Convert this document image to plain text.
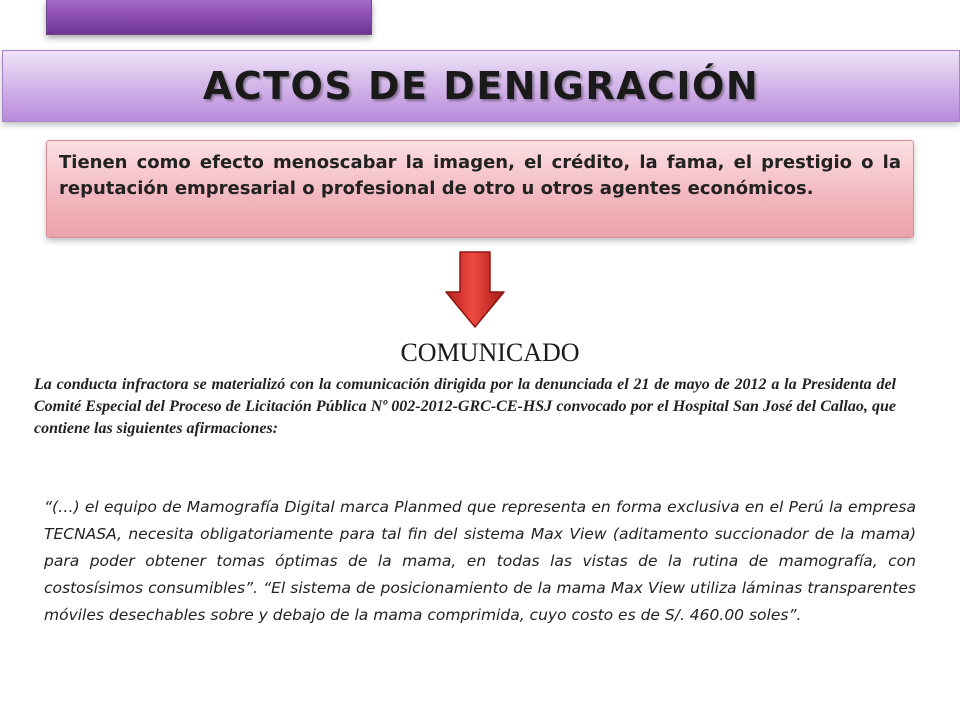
ACTOS DE DENIGRACIÓN

Tienen como efecto menoscabar la imagen, el crédito, la fama, el prestigio o la reputación empresarial o profesional de otro u otros agentes económicos.

COMUNICADO

La conducta infractora se materializó con la comunicación dirigida por la denunciada el 21 de mayo de 2012 a la Presidenta del Comité Especial del Proceso de Licitación Pública Nº 002-2012-GRC-CE-HSJ convocado por el Hospital San José del Callao, que contiene las siguientes afirmaciones:

“(…) el equipo de Mamografía Digital marca Planmed que representa en forma exclusiva en el Perú la empresa TECNASA, necesita obligatoriamente para tal fin del sistema Max View (aditamento succionador de la mama) para poder obtener tomas óptimas de la mama, en todas las vistas de la rutina de mamografía, con costosísimos consumibles”. “El sistema de posicionamiento de la mama Max View utiliza láminas transparentes móviles desechables sobre y debajo de la mama comprimida, cuyo costo es de S/. 460.00 soles”.
